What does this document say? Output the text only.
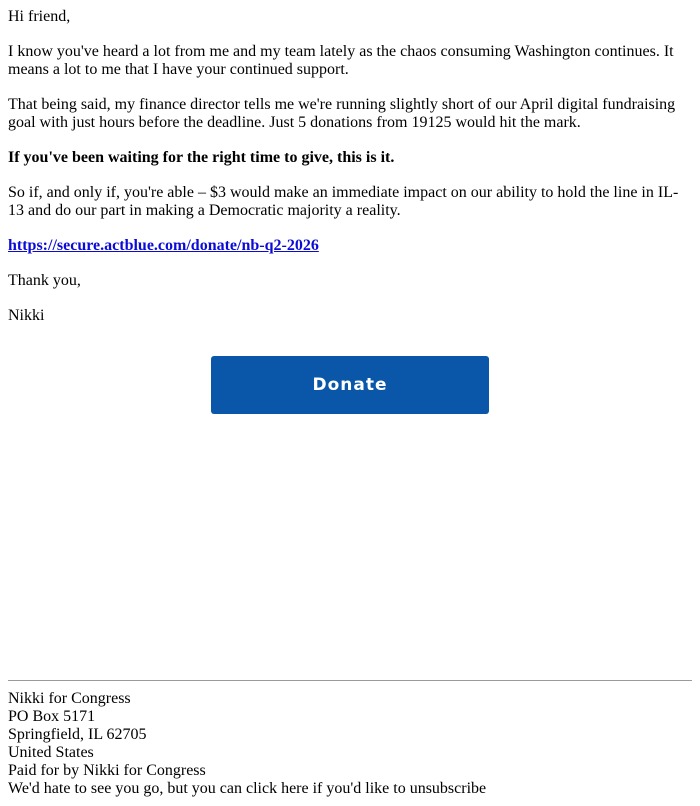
Hi friend,

I know you've heard a lot from me and my team lately as the chaos consuming Washington continues. It means a lot to me that I have your continued support.

That being said, my finance director tells me we're running slightly short of our April digital fundraising goal with just hours before the deadline. Just 5 donations from 19125 would hit the mark.

If you've been waiting for the right time to give, this is it.

So if, and only if, you're able – $3 would make an immediate impact on our ability to hold the line in IL-13 and do our part in making a Democratic majority a reality.

https://secure.actblue.com/donate/nb-q2-2026

Thank you,

Nikki

Donate
Nikki for Congress
PO Box 5171
Springfield, IL 62705
United States
Paid for by Nikki for Congress
We'd hate to see you go, but you can click here if you'd like to unsubscribe
